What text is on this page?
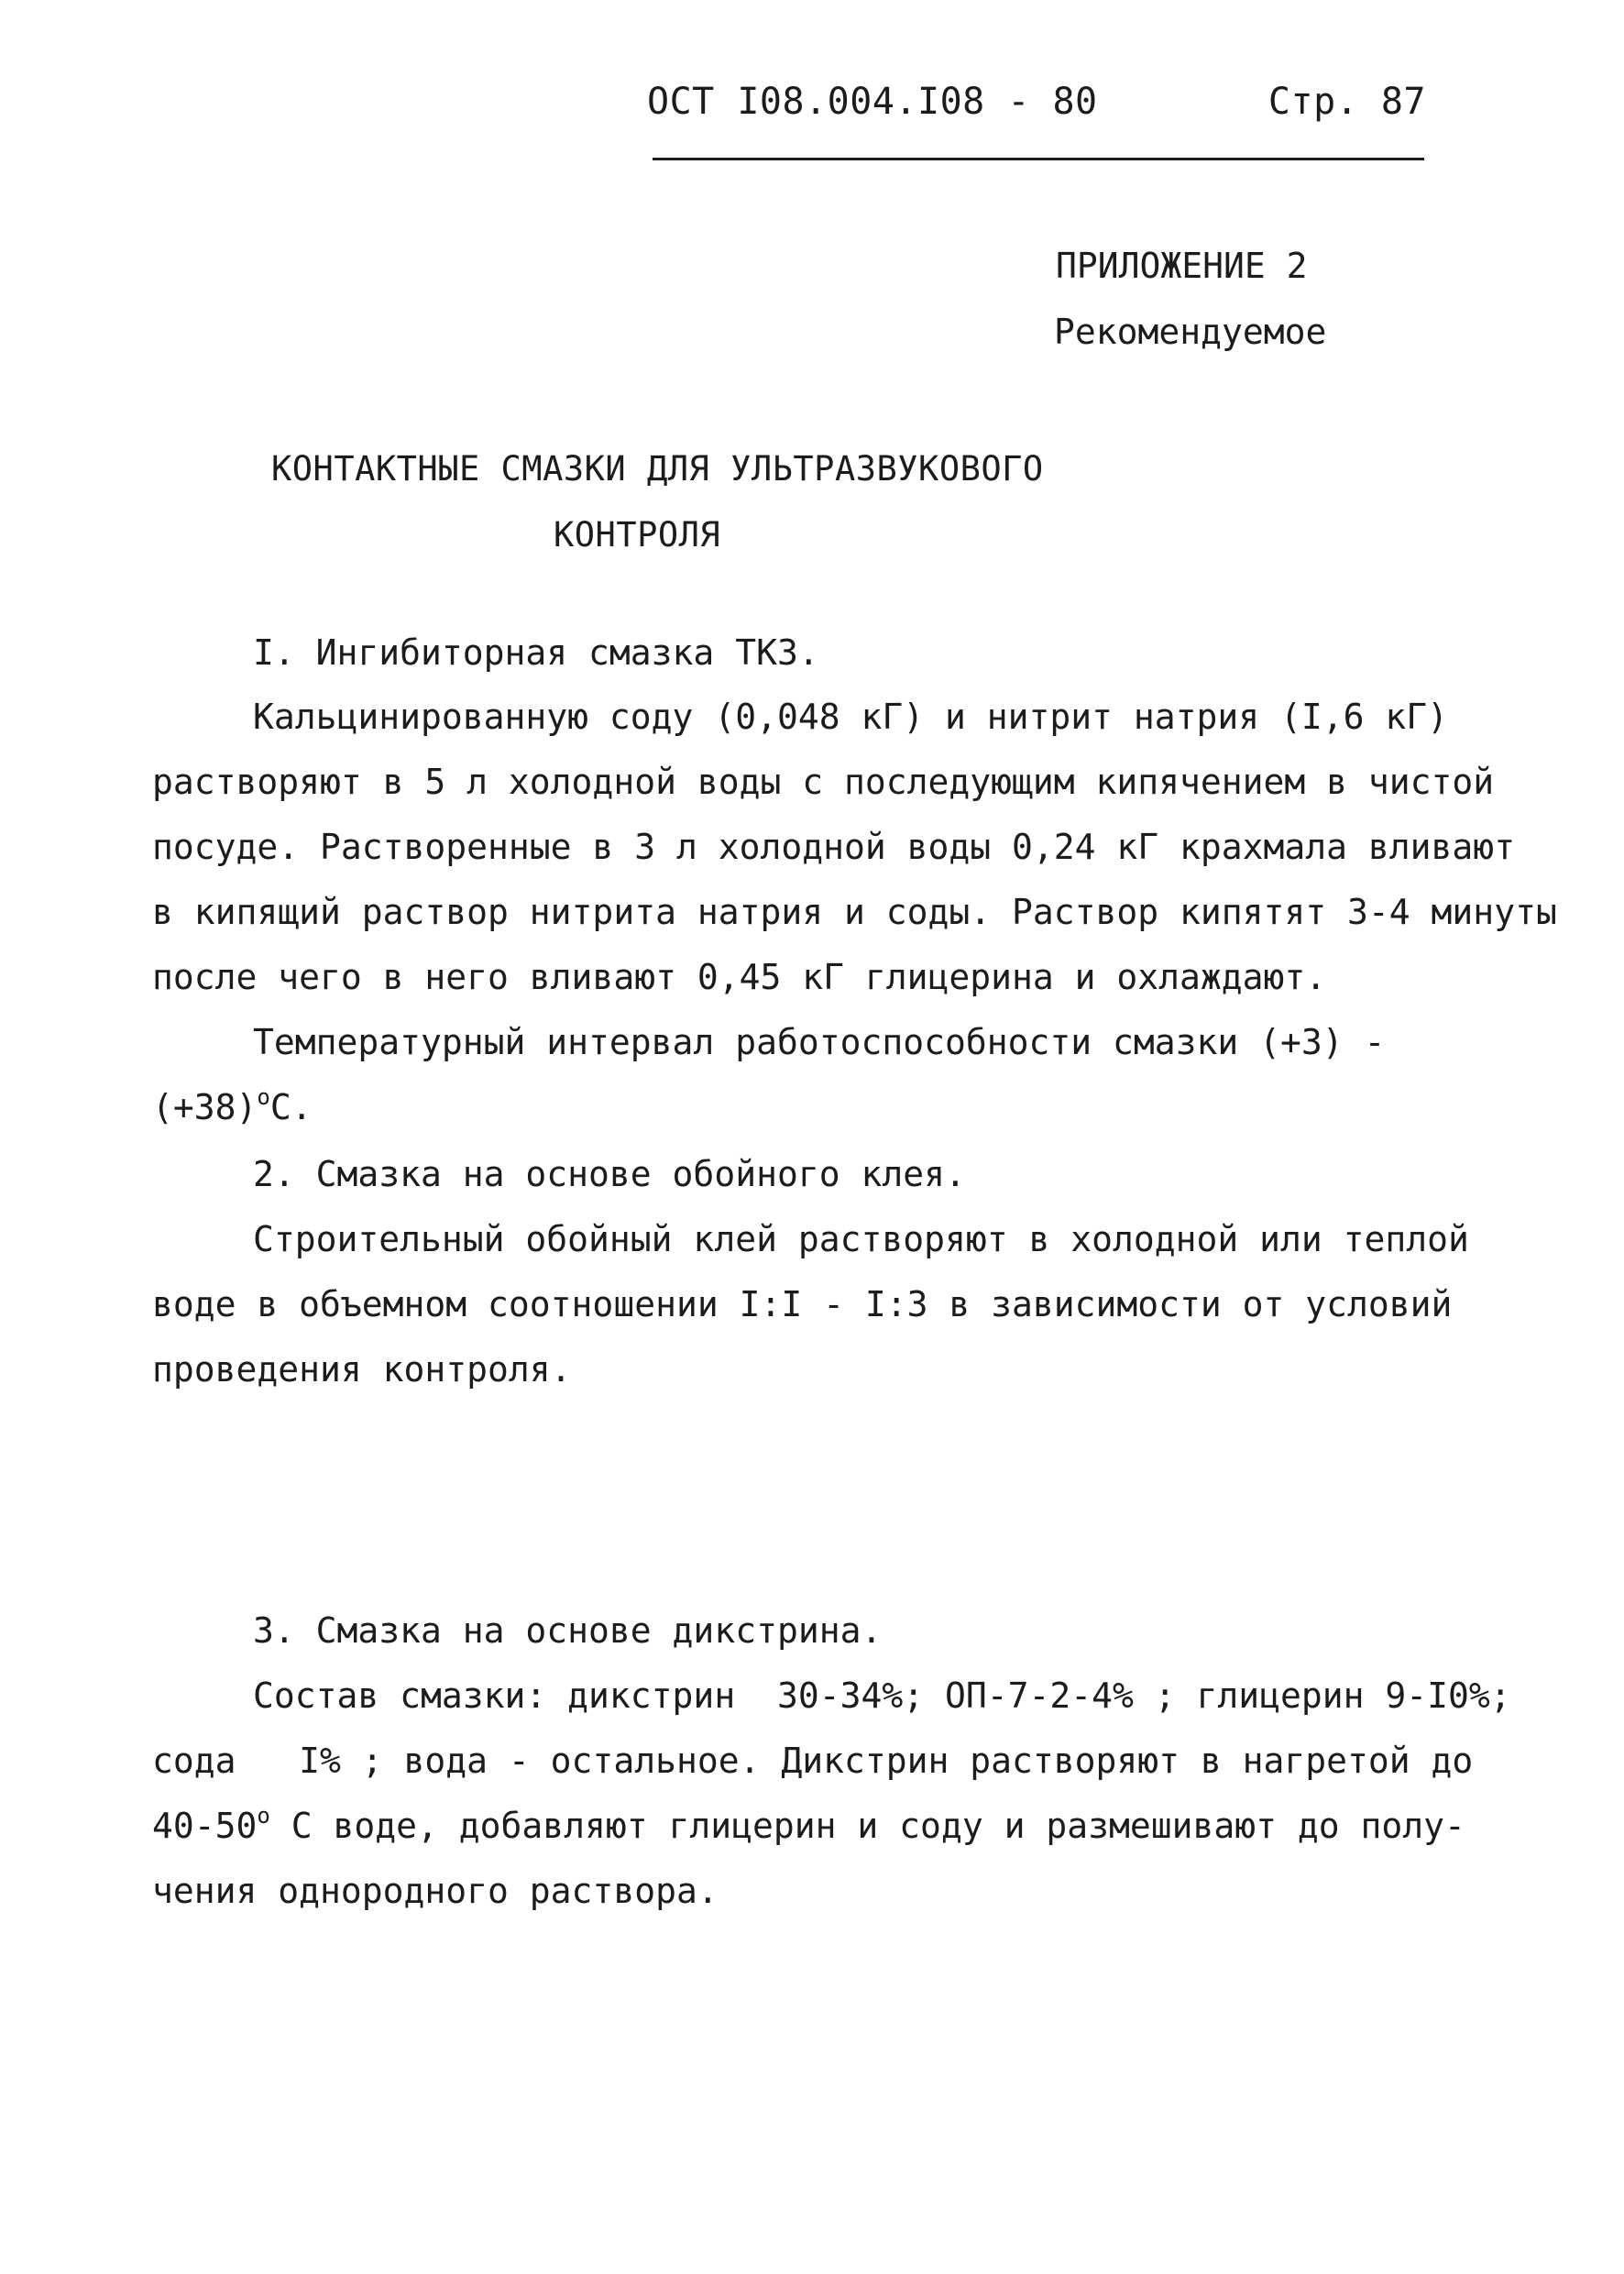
ОСТ I08.004.I08 - 80	Стр. 87
ПРИЛОЖЕНИЕ 2
Рекомендуемое
КОНТАКТНЫЕ СМАЗКИ ДЛЯ УЛЬТРАЗВУКОВОГО
КОНТРОЛЯ
I. Ингибиторная смазка ТКЗ.
Кальцинированную соду (0,048 кГ) и нитрит натрия (I,6 кГ)
растворяют в 5 л холодной воды с последующим кипячением в чистой
посуде. Растворенные в 3 л холодной воды 0,24 кГ крахмала вливают
в кипящий раствор нитрита натрия и соды. Раствор кипятят 3-4 минуты
после чего в него вливают 0,45 кГ глицерина и охлаждают.
Температурный интервал работоспособности смазки (+3) -
$(+38)^оС$.
2. Смазка на основе обойного клея.
Строительный обойный клей растворяют в холодной или теплой
воде в объемном соотношении I:I - I:3 в зависимости от условий
проведения контроля.
3. Смазка на основе дикстрина.
Состав смазки: дикстрин  30-34%; ОП-7-2-4% ; глицерин 9-I0%;
сода   I% ; вода - остальное. Дикстрин растворяют в нагретой до
$40-50^о$ С воде, добавляют глицерин и соду и размешивают до полу-
чения однородного раствора.
